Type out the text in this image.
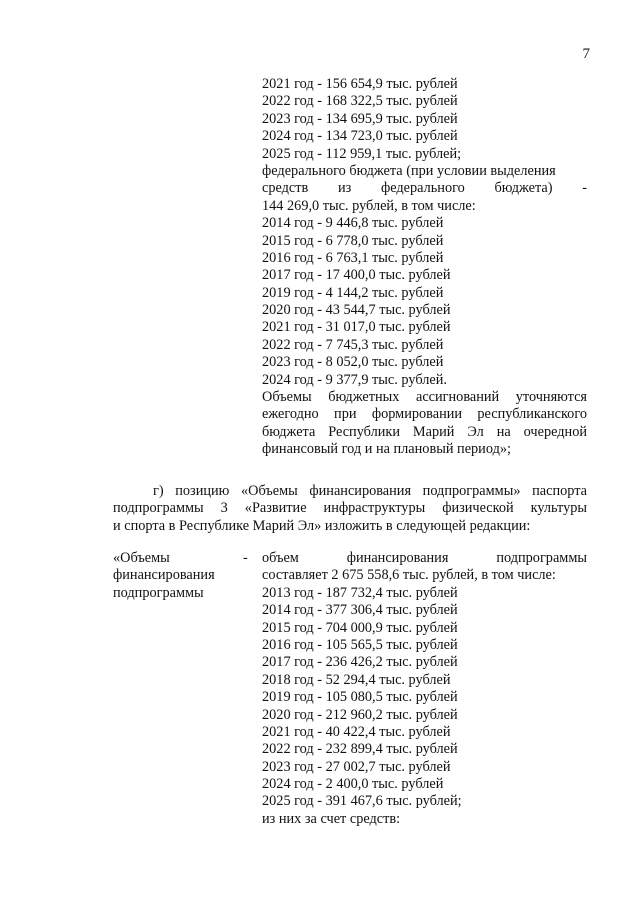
7
2021 год - 156 654,9 тыс. рублей
2022 год - 168 322,5 тыс. рублей
2023 год - 134 695,9 тыс. рублей
2024 год - 134 723,0 тыс. рублей
2025 год - 112 959,1 тыс. рублей;
федерального бюджета (при условии выделения
средств из федерального бюджета) -
144 269,0 тыс. рублей, в том числе:
2014 год - 9 446,8 тыс. рублей
2015 год - 6 778,0 тыс. рублей
2016 год - 6 763,1 тыс. рублей
2017 год - 17 400,0 тыс. рублей
2019 год - 4 144,2 тыс. рублей
2020 год - 43 544,7 тыс. рублей
2021 год - 31 017,0 тыс. рублей
2022 год - 7 745,3 тыс. рублей
2023 год - 8 052,0 тыс. рублей
2024 год - 9 377,9 тыс. рублей.
Объемы бюджетных ассигнований уточняются
ежегодно при формировании республиканского
бюджета Республики Марий Эл на очередной
финансовый год и на плановый период»;
г) позицию «Объемы финансирования подпрограммы» паспорта
подпрограммы 3 «Развитие инфраструктуры физической культуры
и спорта в Республике Марий Эл» изложить в следующей редакции:
«Объемы
финансирования
подпрограммы
- объем финансирования подпрограммы
составляет 2 675 558,6 тыс. рублей, в том числе:
2013 год - 187 732,4 тыс. рублей
2014 год - 377 306,4 тыс. рублей
2015 год - 704 000,9 тыс. рублей
2016 год - 105 565,5 тыс. рублей
2017 год - 236 426,2 тыс. рублей
2018 год - 52 294,4 тыс. рублей
2019 год - 105 080,5 тыс. рублей
2020 год - 212 960,2 тыс. рублей
2021 год - 40 422,4 тыс. рублей
2022 год - 232 899,4 тыс. рублей
2023 год - 27 002,7 тыс. рублей
2024 год - 2 400,0 тыс. рублей
2025 год - 391 467,6 тыс. рублей;
из них за счет средств:
